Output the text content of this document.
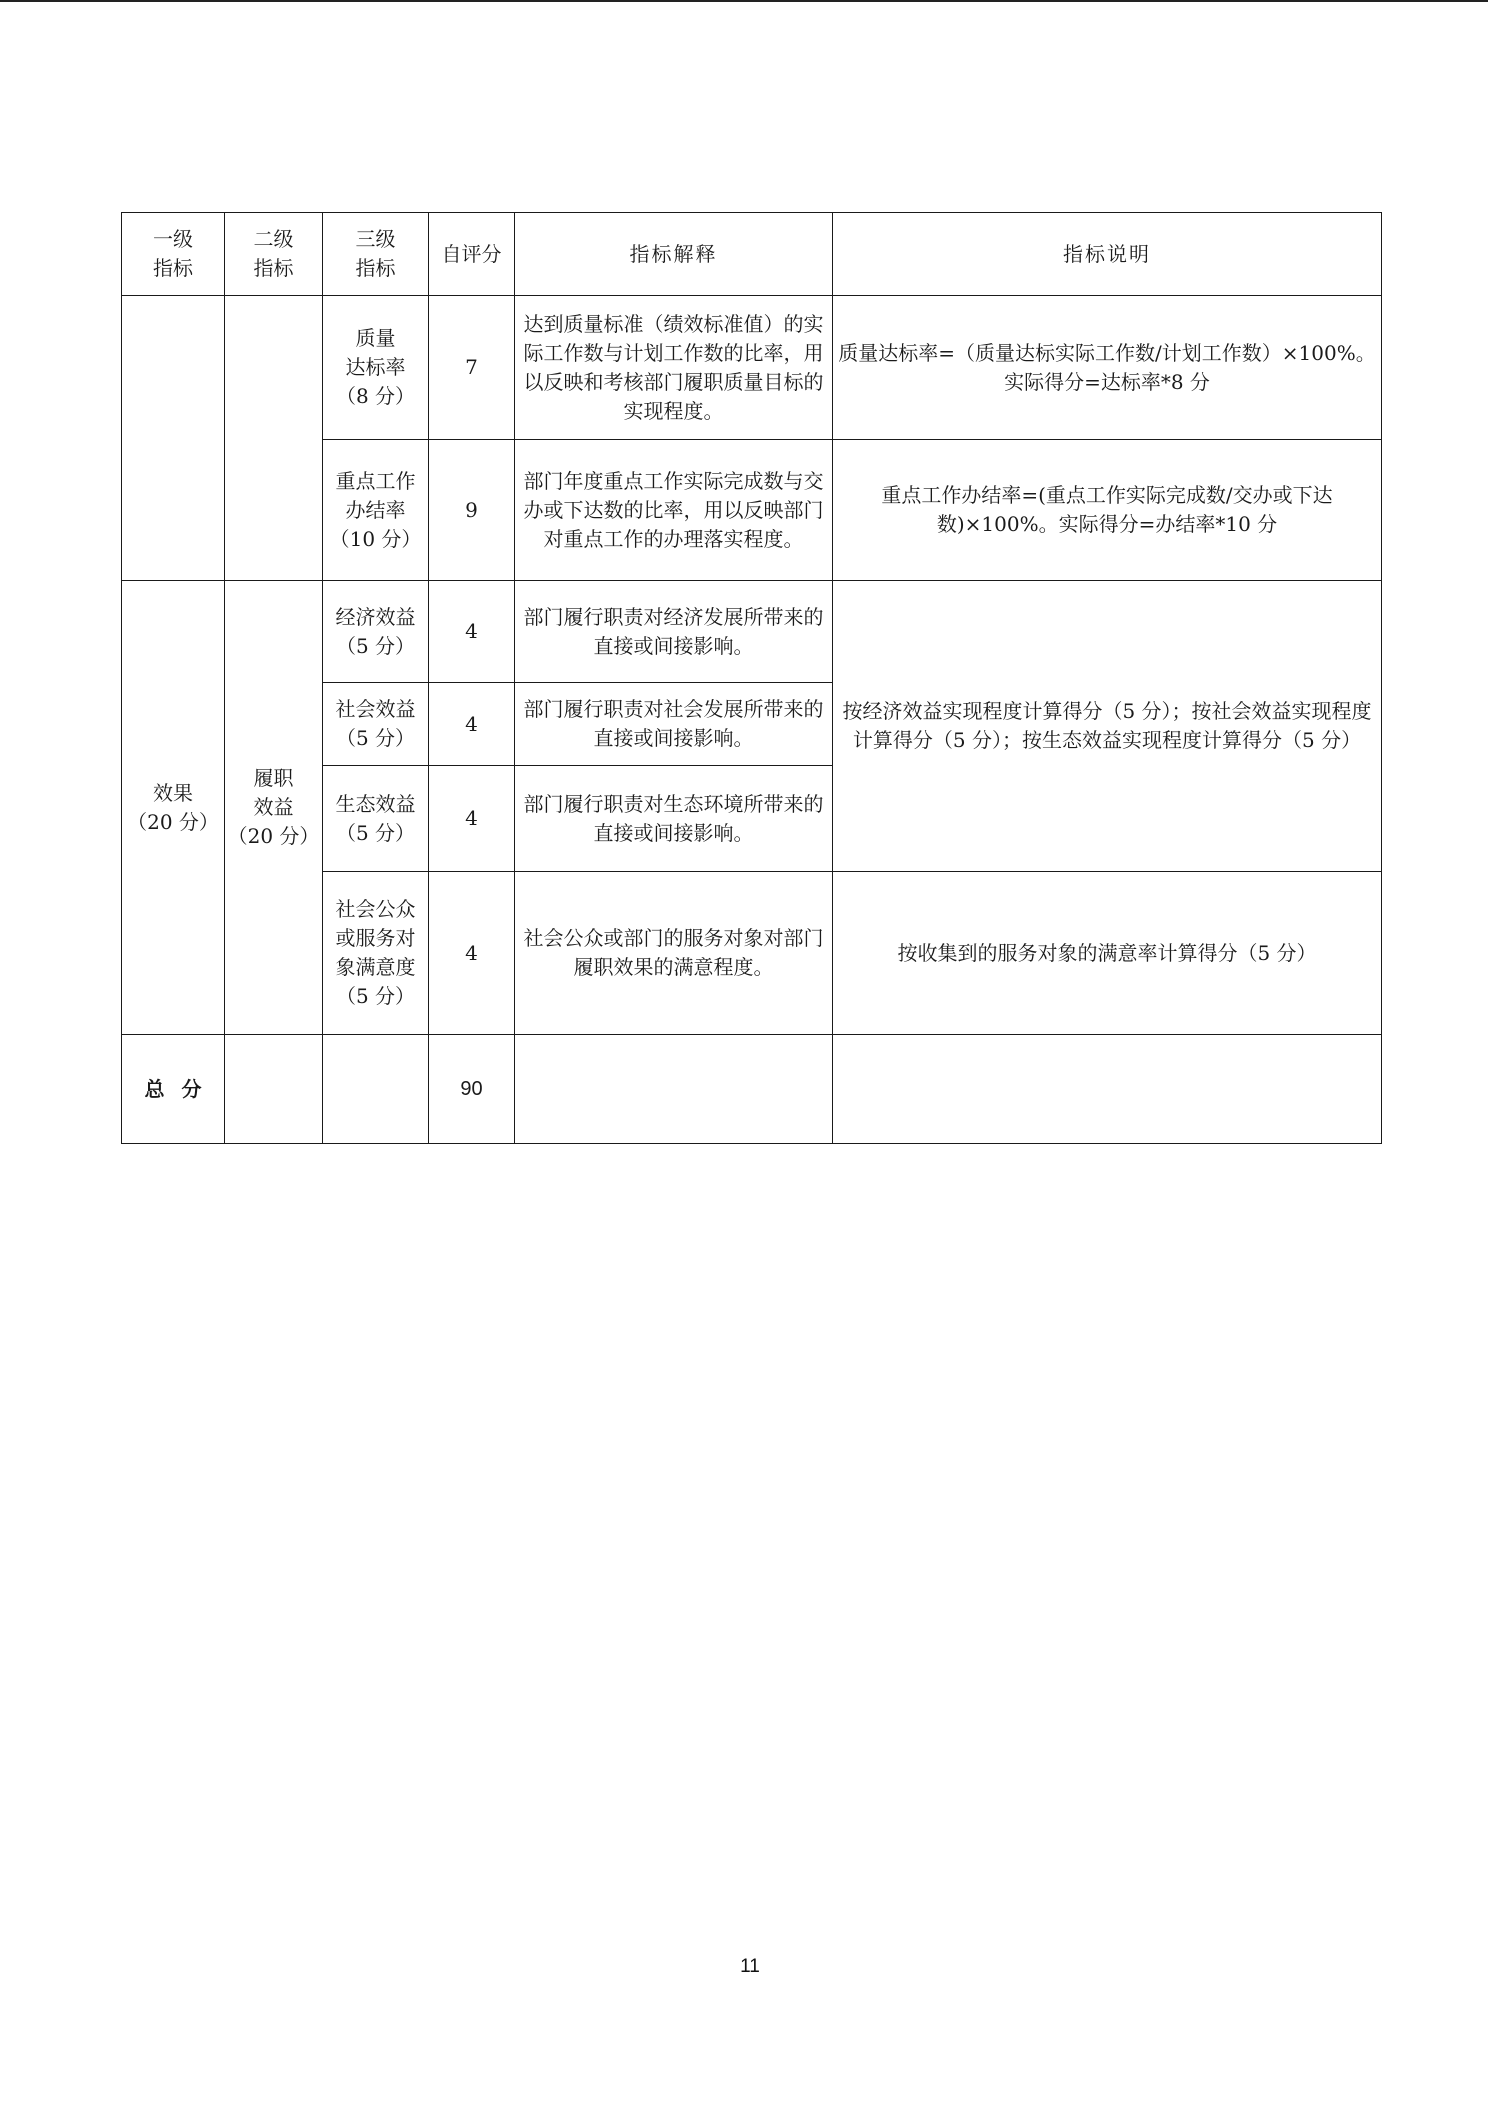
一级
指标	二级
指标	三级
指标	自评分	指标解释	指标说明
		质量
达标率
（8 分）	7	达到质量标准（绩效标准值）的实际工作数与计划工作数的比率，用以反映和考核部门履职质量目标的实现程度。	质量达标率=（质量达标实际工作数/计划工作数）×100%。实际得分=达标率*8 分
		重点工作
办结率
（10 分）	9	部门年度重点工作实际完成数与交办或下达数的比率，用以反映部门对重点工作的办理落实程度。	重点工作办结率=(重点工作实际完成数/交办或下达数)×100%。实际得分=办结率*10 分
效果
（20 分）	履职
效益
（20 分）	经济效益
（5 分）	4	部门履行职责对经济发展所带来的直接或间接影响。	按经济效益实现程度计算得分（5 分）；按社会效益实现程度计算得分（5 分）；按生态效益实现程度计算得分（5 分）
		社会效益
（5 分）	4	部门履行职责对社会发展所带来的直接或间接影响。	
		生态效益
（5 分）	4	部门履行职责对生态环境所带来的直接或间接影响。	
		社会公众
或服务对
象满意度
（5 分）	4	社会公众或部门的服务对象对部门履职效果的满意程度。	按收集到的服务对象的满意率计算得分（5 分）
总 分			90		
11
